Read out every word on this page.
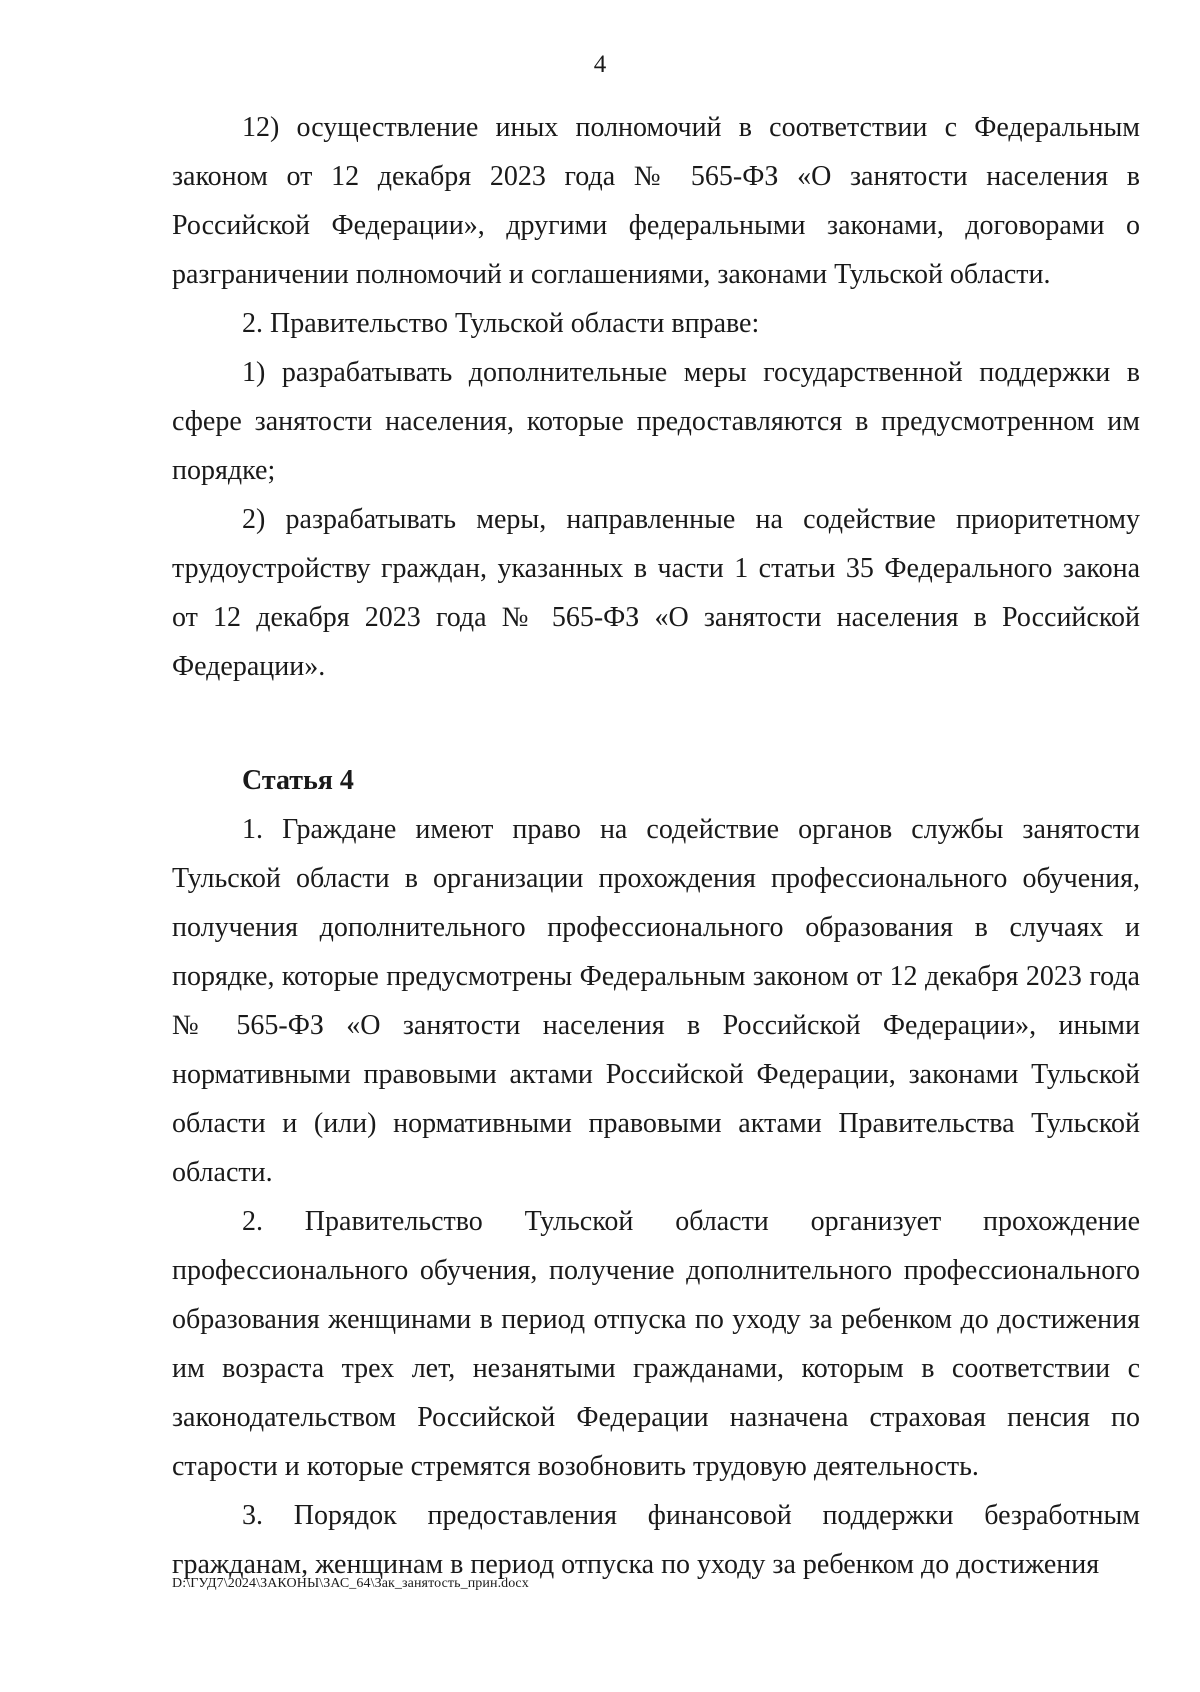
4

12) осуществление иных полномочий в соответствии с Федеральным законом от 12 декабря 2023 года № 565-ФЗ «О занятости населения в Российской Федерации», другими федеральными законами, договорами о разграничении полномочий и соглашениями, законами Тульской области.

2. Правительство Тульской области вправе:

1) разрабатывать дополнительные меры государственной поддержки в сфере занятости населения, которые предоставляются в предусмотренном им порядке;

2) разрабатывать меры, направленные на содействие приоритетному трудоустройству граждан, указанных в части 1 статьи 35 Федерального закона от 12 декабря 2023 года № 565-ФЗ «О занятости населения в Российской Федерации».

Статья 4

1. Граждане имеют право на содействие органов службы занятости Тульской области в организации прохождения профессионального обучения, получения дополнительного профессионального образования в случаях и порядке, которые предусмотрены Федеральным законом от 12 декабря 2023 года № 565-ФЗ «О занятости населения в Российской Федерации», иными нормативными правовыми актами Российской Федерации, законами Тульской области и (или) нормативными правовыми актами Правительства Тульской области.

2. Правительство Тульской области организует прохождение профессионального обучения, получение дополнительного профессионального образования женщинами в период отпуска по уходу за ребенком до достижения им возраста трех лет, незанятыми гражданами, которым в соответствии с законодательством Российской Федерации назначена страховая пенсия по старости и которые стремятся возобновить трудовую деятельность.

3. Порядок предоставления финансовой поддержки безработным гражданам, женщинам в период отпуска по уходу за ребенком до достижения

D:\ГУД7\2024\ЗАКОНЫ\ЗАС_64\Зак_занятость_прин.docx
